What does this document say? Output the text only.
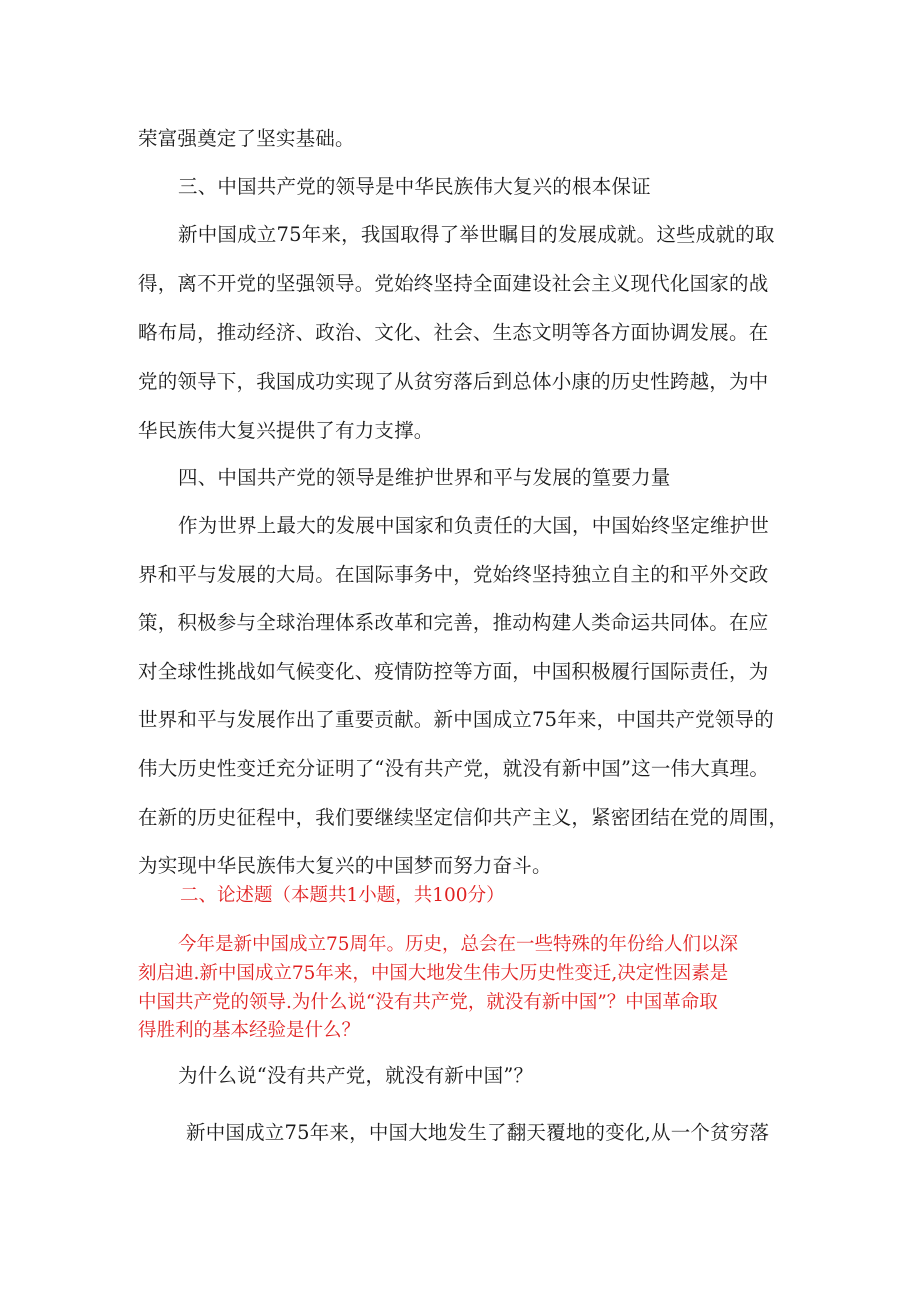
荣富强奠定了坚实基础。
三、中国共产党的领导是中华民族伟大复兴的根本保证
新中国成立75年来，我国取得了举世瞩目的发展成就。这些成就的取
得，离不开党的坚强领导。党始终坚持全面建设社会主义现代化国家的战
略布局，推动经济、政治、文化、社会、生态文明等各方面协调发展。在
党的领导下，我国成功实现了从贫穷落后到总体小康的历史性跨越，为中
华民族伟大复兴提供了有力支撑。
四、中国共产党的领导是维护世界和平与发展的篁要力量
作为世界上最大的发展中国家和负责任的大国，中国始终坚定维护世
界和平与发展的大局。在国际事务中，党始终坚持独立自主的和平外交政
策，积极参与全球治理体系改革和完善，推动构建人类命运共同体。在应
对全球性挑战如气候变化、疫情防控等方面，中国积极履行国际责任，为
世界和平与发展作出了重要贡献。新中国成立75年来，中国共产党领导的
伟大历史性变迁充分证明了“没有共产党，就没有新中国”这一伟大真理。
在新的历史征程中，我们要继续坚定信仰共产主义，紧密团结在党的周围，
为实现中华民族伟大复兴的中国梦而努力奋斗。
二、论述题（本题共1小题，共100分）
今年是新中国成立75周年。历史，总会在一些特殊的年份给人们以深
刻启迪.新中国成立75年来，中国大地发生伟大历史性变迁,决定性因素是
中国共产党的领导.为什么说“没有共产党，就没有新中国”？中国革命取
得胜利的基本经验是什么？
为什么说“没有共产党，就没有新中国”？
新中国成立75年来，中国大地发生了翻天覆地的变化,从一个贫穷落
